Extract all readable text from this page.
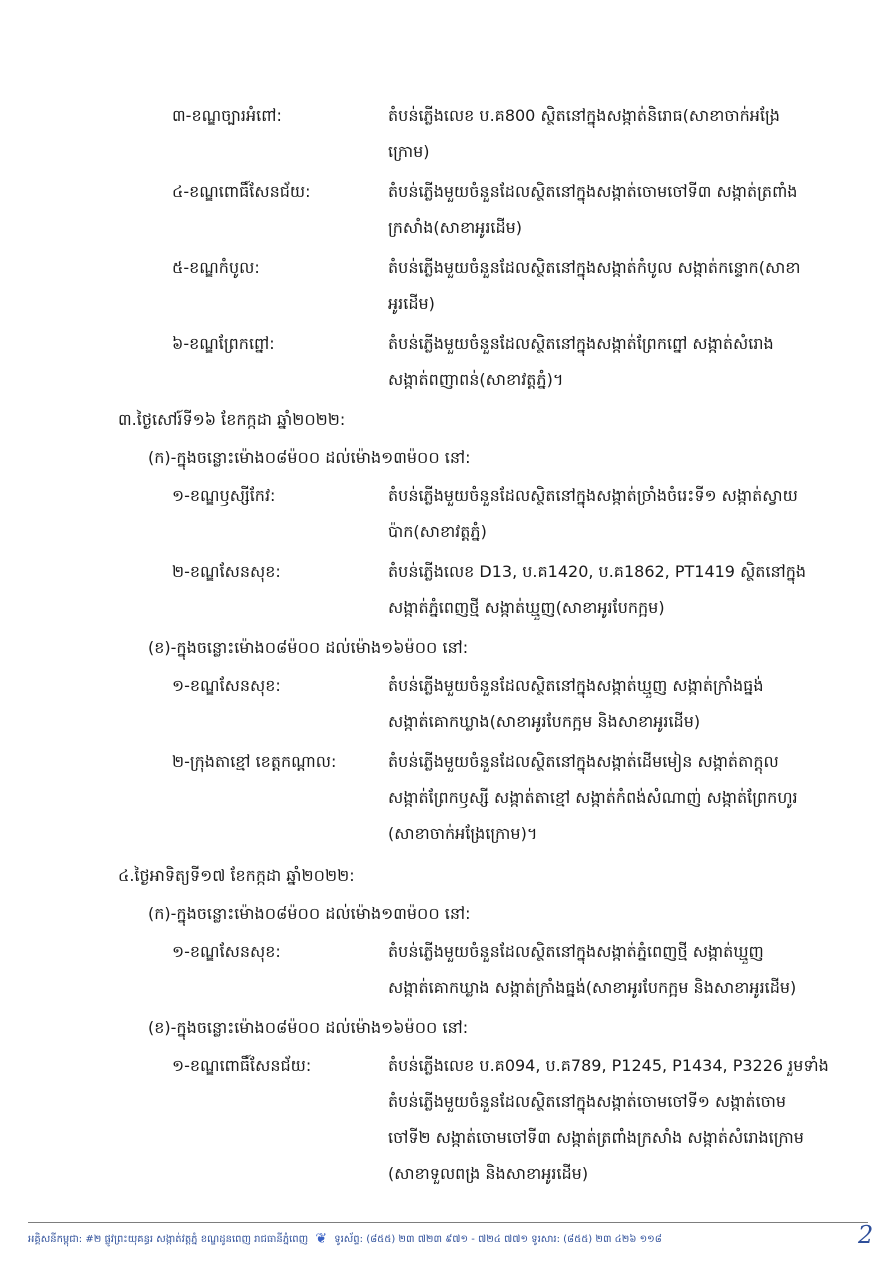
៣-ខណ្ឌច្បារអំពៅ:	តំបន់ភ្លើងលេខ ប.គ800 ស្ថិតនៅក្នុងសង្កាត់និរោធ(សាខាចាក់អង្រែ
ក្រោម)
៤-ខណ្ឌពោធិ៍សែនជ័យ:	តំបន់ភ្លើងមួយចំនួនដែលស្ថិតនៅក្នុងសង្កាត់ចោមចៅទី៣ សង្កាត់ត្រពាំង
ក្រសាំង(សាខាអូរដើម)
៥-ខណ្ឌកំបូល:	តំបន់ភ្លើងមួយចំនួនដែលស្ថិតនៅក្នុងសង្កាត់កំបូល សង្កាត់កន្ទោក(សាខា
អូរដើម)
៦-ខណ្ឌព្រែកព្នៅ:	តំបន់ភ្លើងមួយចំនួនដែលស្ថិតនៅក្នុងសង្កាត់ព្រែកព្នៅ សង្កាត់សំរោង
សង្កាត់ពញាពន់(សាខាវត្តភ្នំ)។
៣.ថ្ងៃសៅរ៍ទី១៦ ខែកក្កដា ឆ្នាំ២០២២:
(ក)-ក្នុងចន្លោះម៉ោង០៨ម៉០០ ដល់ម៉ោង១៣ម៉០០ នៅ:
១-ខណ្ឌឫស្សីកែវ:	តំបន់ភ្លើងមួយចំនួនដែលស្ថិតនៅក្នុងសង្កាត់ច្រាំងចំរេះទី១ សង្កាត់ស្វាយ
ប៉ាក(សាខាវត្តភ្នំ)
២-ខណ្ឌសែនសុខ:	តំបន់ភ្លើងលេខ D13, ប.គ1420, ប.គ1862, PT1419 ស្ថិតនៅក្នុង
សង្កាត់ភ្នំពេញថ្មី សង្កាត់ឃ្មួញ(សាខាអូរបែកក្អម)
(ខ)-ក្នុងចន្លោះម៉ោង០៨ម៉០០ ដល់ម៉ោង១៦ម៉០០ នៅ:
១-ខណ្ឌសែនសុខ:	តំបន់ភ្លើងមួយចំនួនដែលស្ថិតនៅក្នុងសង្កាត់ឃ្មួញ សង្កាត់ក្រាំងធ្នង់
សង្កាត់គោកឃ្លាង(សាខាអូរបែកក្អម និងសាខាអូរដើម)
២-ក្រុងតាខ្មៅ ខេត្តកណ្ដាល:	តំបន់ភ្លើងមួយចំនួនដែលស្ថិតនៅក្នុងសង្កាត់ដើមមៀន សង្កាត់តាក្ដុល
សង្កាត់ព្រែកឫស្សី សង្កាត់តាខ្មៅ សង្កាត់កំពង់សំណាញ់ សង្កាត់ព្រែកហូរ
(សាខាចាក់អង្រែក្រោម)។
៤.ថ្ងៃអាទិត្យទី១៧ ខែកក្កដា ឆ្នាំ២០២២:
(ក)-ក្នុងចន្លោះម៉ោង០៨ម៉០០ ដល់ម៉ោង១៣ម៉០០ នៅ:
១-ខណ្ឌសែនសុខ:	តំបន់ភ្លើងមួយចំនួនដែលស្ថិតនៅក្នុងសង្កាត់ភ្នំពេញថ្មី សង្កាត់ឃ្មួញ
សង្កាត់គោកឃ្លាង សង្កាត់ក្រាំងធ្នង់(សាខាអូរបែកក្អម និងសាខាអូរដើម)
(ខ)-ក្នុងចន្លោះម៉ោង០៨ម៉០០ ដល់ម៉ោង១៦ម៉០០ នៅ:
១-ខណ្ឌពោធិ៍សែនជ័យ:	តំបន់ភ្លើងលេខ ប.គ094, ប.គ789, P1245, P1434, P3226 រួមទាំង
តំបន់ភ្លើងមួយចំនួនដែលស្ថិតនៅក្នុងសង្កាត់ចោមចៅទី១ សង្កាត់ចោម
ចៅទី២ សង្កាត់ចោមចៅទី៣ សង្កាត់ត្រពាំងក្រសាំង សង្កាត់សំរោងក្រោម
(សាខាទួលពង្រ និងសាខាអូរដើម)
អគ្គិសនីកម្ពុជា: #២ ផ្លូវព្រះយុគន្ធរ សង្កាត់វត្តភ្នំ ខណ្ឌដូនពេញ រាជធានីភ្នំពេញ ❦ ទូរស័ព្ទ: (៨៥៥) ២៣ ៧២៣ ៩៧១ - ៧២៤ ៧៧១ ទូរសារ: (៨៥៥) ២៣ ៤២៦ ១១៨	2
